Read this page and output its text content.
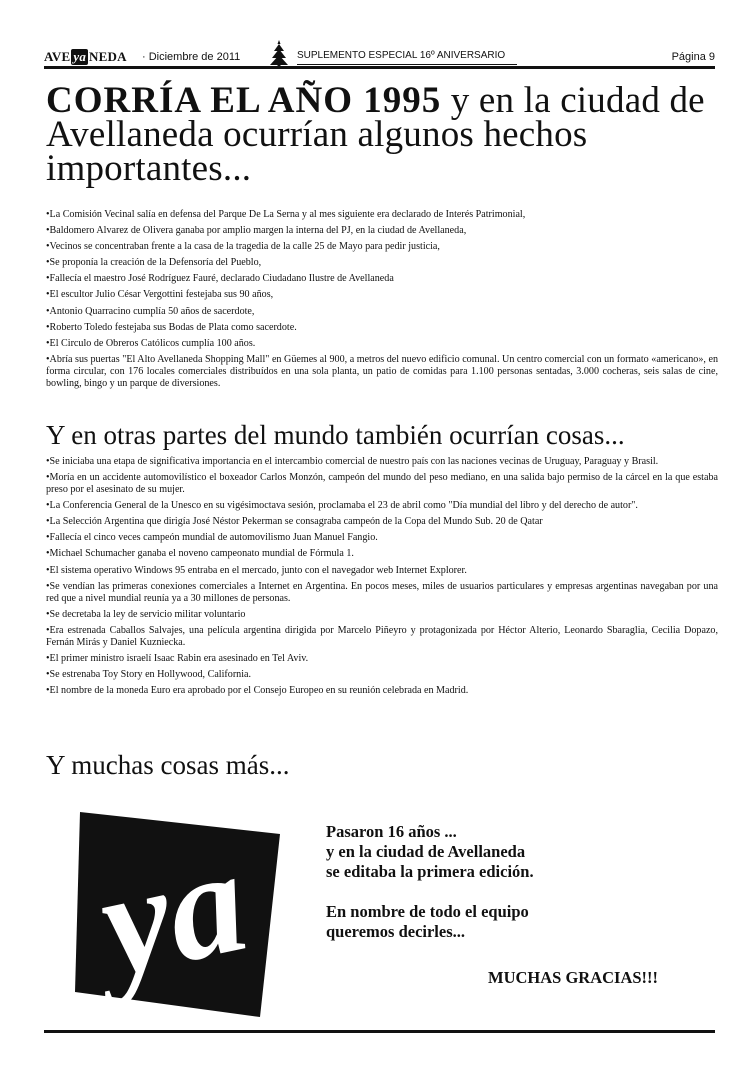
AVE ya NEDA · Diciembre de 2011	SUPLEMENTO ESPECIAL 16º ANIVERSARIO	Página 9
CORRÍA EL AÑO 1995 y en la ciudad de Avellaneda ocurrían algunos hechos importantes...
•La Comisión Vecinal salía en defensa del Parque De La Serna y al mes siguiente era declarado de Interés Patrimonial,
•Baldomero Alvarez de Olivera ganaba por amplio margen la interna del PJ, en la ciudad de Avellaneda,
•Vecinos se concentraban frente a la casa de la tragedia de la calle 25 de Mayo para pedir justicia,
•Se proponía la creación de la Defensoría del Pueblo,
•Fallecía el maestro José Rodríguez Fauré, declarado Ciudadano Ilustre de Avellaneda
•El escultor Julio César Vergottini festejaba sus 90 años,
•Antonio Quarracino cumplía 50 años de sacerdote,
•Roberto Toledo festejaba sus Bodas de Plata como sacerdote.
•El Circulo de Obreros Católicos cumplía 100 años.
•Abría sus puertas "El Alto Avellaneda Shopping Mall" en Güemes al 900, a metros del nuevo edificio comunal. Un centro comercial con un formato «americano», en forma circular, con 176 locales comerciales distribuídos en una sola planta, un patio de comidas para 1.100 personas sentadas, 3.000 cocheras, seis salas de cine, bowling, bingo y un parque de diversiones.
Y en otras partes del mundo también ocurrían cosas...
•Se iniciaba una etapa de significativa importancia en el intercambio comercial de nuestro país con las naciones vecinas de Uruguay, Paraguay y Brasil.
•Moría en un accidente automovilístico el boxeador Carlos Monzón, campeón del mundo del peso mediano, en una salida bajo permiso de la cárcel en la que estaba preso por el asesinato de su mujer.
•La Conferencia General de la Unesco en su vigésimoctava sesión, proclamaba el 23 de abril como "Día mundial del libro y del derecho de autor".
•La Selección Argentina que dirigía José Néstor Pekerman se consagraba campeón de la Copa del Mundo Sub. 20 de Qatar
•Fallecía el cinco veces campeón mundial de automovilismo Juan Manuel Fangio.
•Michael Schumacher ganaba el noveno campeonato mundial de Fórmula 1.
•El sistema operativo Windows 95 entraba en el mercado, junto con el navegador web Internet Explorer.
•Se vendían las primeras conexiones comerciales a Internet en Argentina. En pocos meses, miles de usuarios particulares y empresas argentinas navegaban por una red que a nivel mundial reunía ya a 30 millones de personas.
•Se decretaba la ley de servicio militar voluntario
•Era estrenada Caballos Salvajes, una película argentina dirigida por Marcelo Piñeyro y protagonizada por Héctor Alterio, Leonardo Sbaraglia, Cecilia Dopazo, Fernán Mirás y Daniel Kuzniecka.
•El primer ministro israelí Isaac Rabin era asesinado en Tel Aviv.
•Se estrenaba Toy Story en Hollywood, California.
•El nombre de la moneda Euro era aprobado por el Consejo Europeo en su reunión celebrada en Madrid.
Y muchas cosas más...
ya	Pasaron 16 años ...

y en la ciudad de Avellaneda

se editaba la primera edición.

En nombre de todo el equipo

queremos decirles...

MUCHAS GRACIAS!!!
